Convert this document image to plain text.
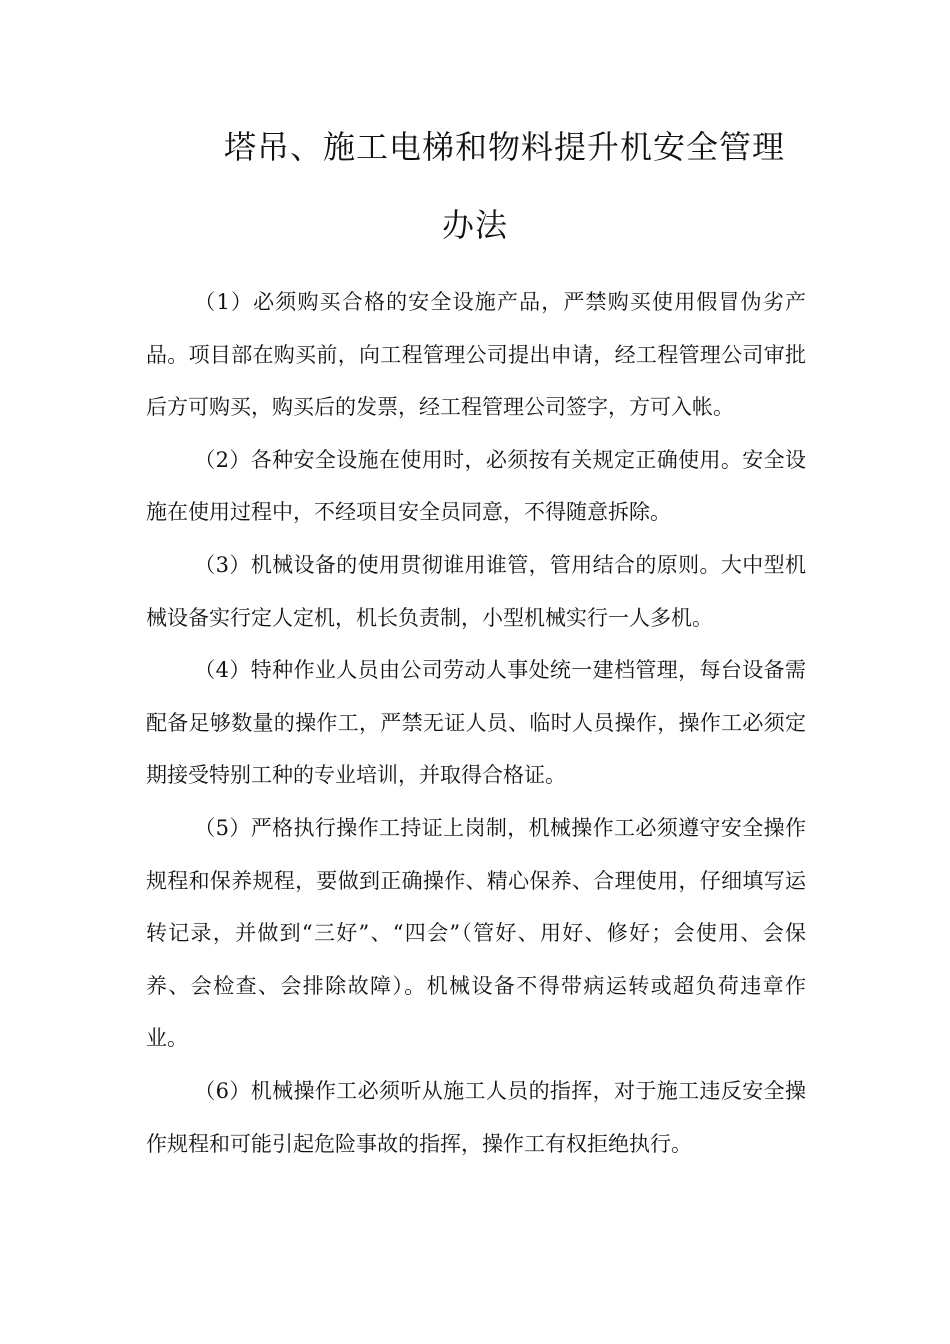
塔吊、施工电梯和物料提升机安全管理
办法

（1）必须购买合格的安全设施产品，严禁购买使用假冒伪劣产品。项目部在购买前，向工程管理公司提出申请，经工程管理公司审批后方可购买，购买后的发票，经工程管理公司签字，方可入帐。

（2）各种安全设施在使用时，必须按有关规定正确使用。安全设施在使用过程中，不经项目安全员同意，不得随意拆除。

（3）机械设备的使用贯彻谁用谁管，管用结合的原则。大中型机械设备实行定人定机，机长负责制，小型机械实行一人多机。

（4）特种作业人员由公司劳动人事处统一建档管理，每台设备需配备足够数量的操作工，严禁无证人员、临时人员操作，操作工必须定期接受特别工种的专业培训，并取得合格证。

（5）严格执行操作工持证上岗制，机械操作工必须遵守安全操作规程和保养规程，要做到正确操作、精心保养、合理使用，仔细填写运转记录，并做到“三好”、“四会”（管好、用好、修好；会使用、会保养、会检查、会排除故障）。机械设备不得带病运转或超负荷违章作业。

（6）机械操作工必须听从施工人员的指挥，对于施工违反安全操作规程和可能引起危险事故的指挥，操作工有权拒绝执行。
